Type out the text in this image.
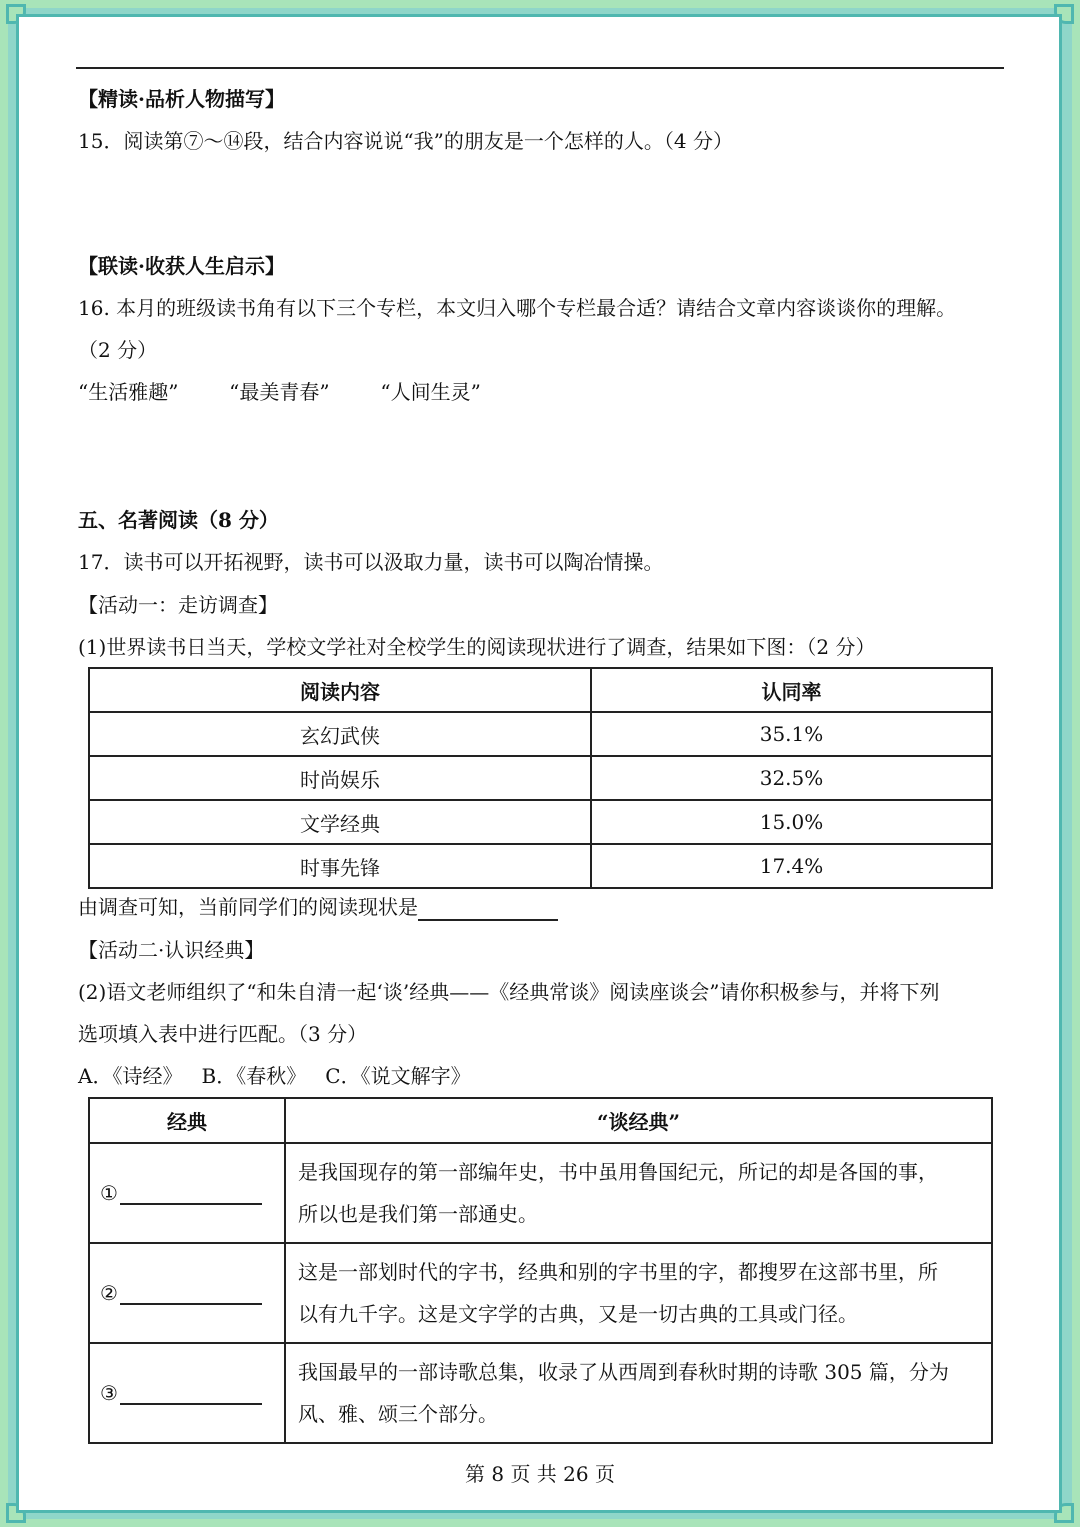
【精读·品析人物描写】
15．阅读第⑦～⑭段，结合内容说说“我”的朋友是一个怎样的人。（4 分）
【联读·收获人生启示】
16. 本月的班级读书角有以下三个专栏，本文归入哪个专栏最合适？请结合文章内容谈谈你的理解。
（2 分）
“生活雅趣”	“最美青春”	“人间生灵”
五、名著阅读（8 分）
17．读书可以开拓视野，读书可以汲取力量，读书可以陶冶情操。
【活动一：走访调查】
(1)世界读书日当天，学校文学社对全校学生的阅读现状进行了调查，结果如下图：（2 分）
阅读内容	认同率
玄幻武侠	35.1%
时尚娱乐	32.5%
文学经典	15.0%
时事先锋	17.4%
由调查可知，当前同学们的阅读现状是
【活动二·认识经典】
(2)语文老师组织了“和朱自清一起‘谈’经典——《经典常谈》阅读座谈会”请你积极参与，并将下列
选项填入表中进行匹配。（3 分）
A．《诗经》   B．《春秋》   C．《说文解字》
经典	“谈经典”
①	是我国现存的第一部编年史，书中虽用鲁国纪元，所记的却是各国的事，
所以也是我们第一部通史。

②	这是一部划时代的字书，经典和别的字书里的字，都搜罗在这部书里，所
以有九千字。这是文字学的古典，又是一切古典的工具或门径。

③	我国最早的一部诗歌总集，收录了从西周到春秋时期的诗歌 305 篇，分为
风、雅、颂三个部分。
第 8 页 共 26 页
